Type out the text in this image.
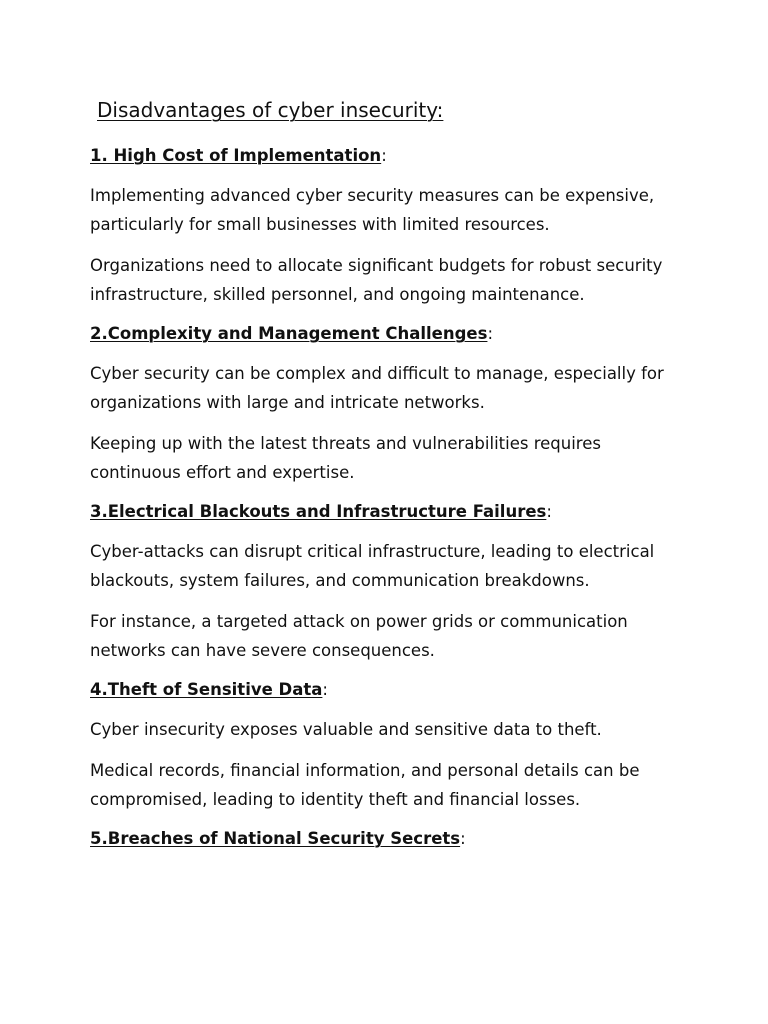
Disadvantages of cyber insecurity:

1. High Cost of Implementation:

Implementing advanced cyber security measures can be expensive,
particularly for small businesses with limited resources.

Organizations need to allocate significant budgets for robust security
infrastructure, skilled personnel, and ongoing maintenance.

2.Complexity and Management Challenges:

Cyber security can be complex and difficult to manage, especially for
organizations with large and intricate networks.

Keeping up with the latest threats and vulnerabilities requires
continuous effort and expertise.

3.Electrical Blackouts and Infrastructure Failures:

Cyber-attacks can disrupt critical infrastructure, leading to electrical
blackouts, system failures, and communication breakdowns.

For instance, a targeted attack on power grids or communication
networks can have severe consequences.

4.Theft of Sensitive Data:

Cyber insecurity exposes valuable and sensitive data to theft.

Medical records, financial information, and personal details can be
compromised, leading to identity theft and financial losses.

5.Breaches of National Security Secrets:
